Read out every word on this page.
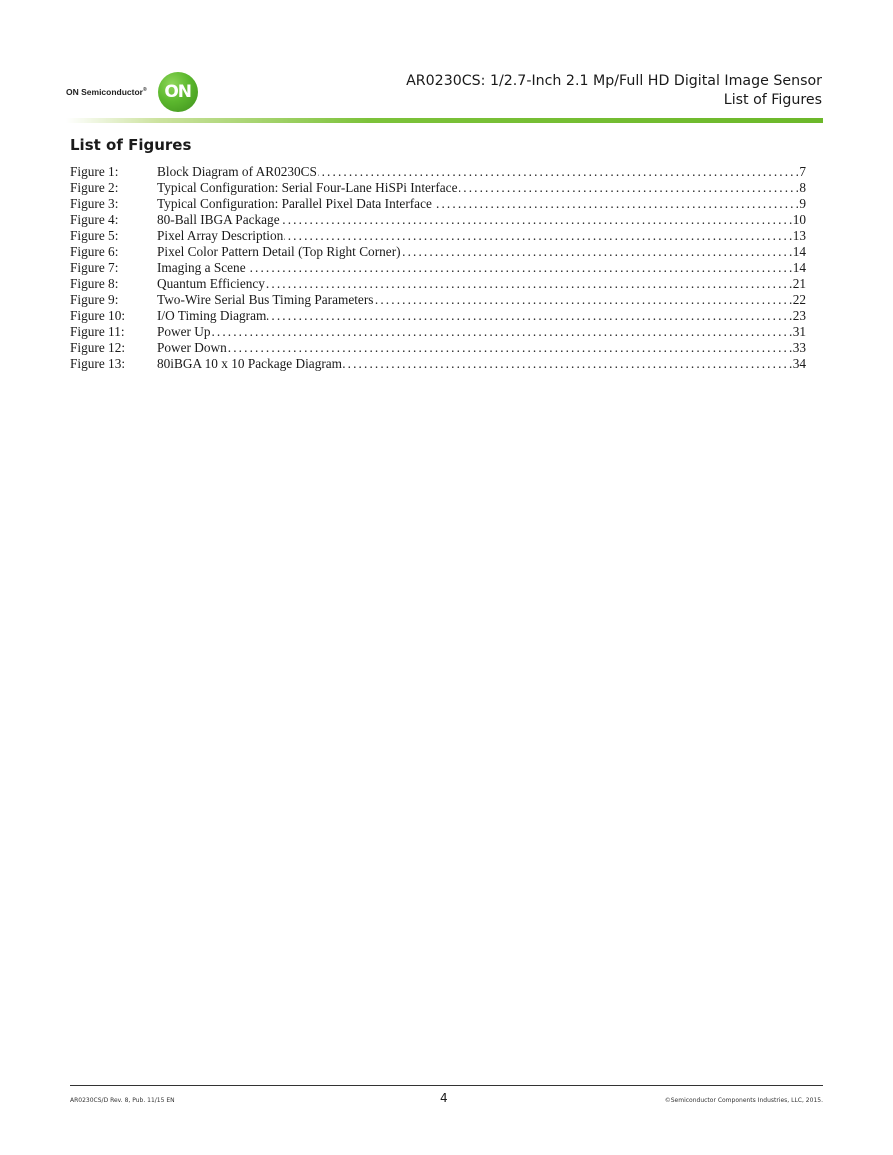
ON Semiconductor® ON
AR0230CS: 1/2.7-Inch 2.1 Mp/Full HD Digital Image Sensor
List of Figures
List of Figures
Figure 1:	Block Diagram of AR0230CS . . .	7
Figure 2:	Typical Configuration: Serial Four-Lane HiSPi Interface . . .	8
Figure 3:	Typical Configuration: Parallel Pixel Data Interface . . .	9
Figure 4:	80-Ball IBGA Package . . .	10
Figure 5:	Pixel Array Description . . .	13
Figure 6:	Pixel Color Pattern Detail (Top Right Corner) . . .	14
Figure 7:	Imaging a Scene . . .	14
Figure 8:	Quantum Efficiency . . .	21
Figure 9:	Two-Wire Serial Bus Timing Parameters . . .	22
Figure 10:	I/O Timing Diagram . . .	23
Figure 11:	Power Up . . .	31
Figure 12:	Power Down . . .	33
Figure 13:	80iBGA 10 x 10 Package Diagram . . .	34
AR0230CS/D Rev. 8, Pub. 11/15 EN	4	©Semiconductor Components Industries, LLC, 2015.
